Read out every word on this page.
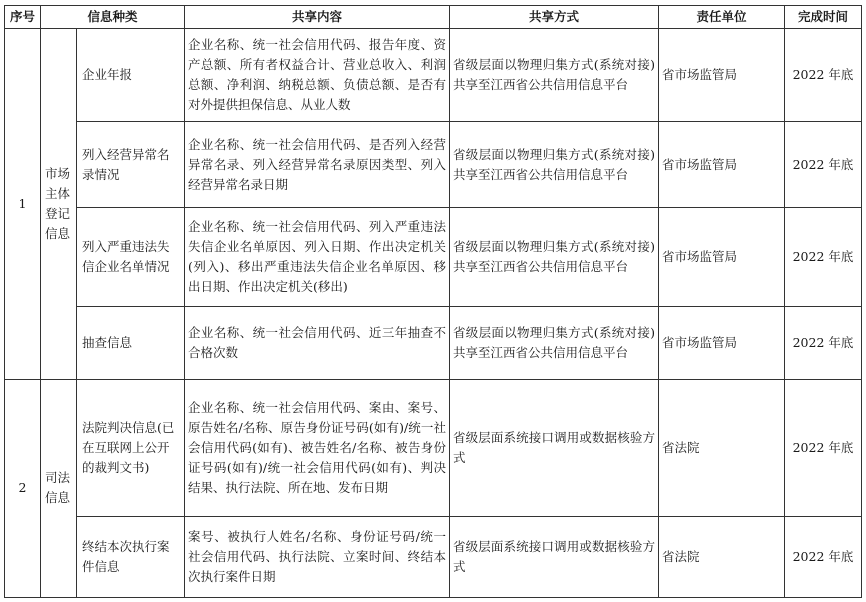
序号	信息种类		共享内容	共享方式	责任单位	完成时间
1	市场主体登记信息	企业年报	企业名称、统一社会信用代码、报告年度、资产总额、所有者权益合计、营业总收入、利润总额、净利润、纳税总额、负债总额、是否有对外提供担保信息、从业人数	省级层面以物理归集方式(系统对接)共享至江西省公共信用信息平台	省市场监管局	2022 年底
		列入经营异常名录情况	企业名称、统一社会信用代码、是否列入经营异常名录、列入经营异常名录原因类型、列入经营异常名录日期	省级层面以物理归集方式(系统对接)共享至江西省公共信用信息平台	省市场监管局	2022 年底
		列入严重违法失信企业名单情况	企业名称、统一社会信用代码、列入严重违法失信企业名单原因、列入日期、作出决定机关(列入)、移出严重违法失信企业名单原因、移出日期、作出决定机关(移出)	省级层面以物理归集方式(系统对接)共享至江西省公共信用信息平台	省市场监管局	2022 年底
		抽查信息	企业名称、统一社会信用代码、近三年抽查不合格次数	省级层面以物理归集方式(系统对接)共享至江西省公共信用信息平台	省市场监管局	2022 年底
2	司法信息	法院判决信息(已在互联网上公开的裁判文书)	企业名称、统一社会信用代码、案由、案号、原告姓名/名称、原告身份证号码(如有)/统一社会信用代码(如有)、被告姓名/名称、被告身份证号码(如有)/统一社会信用代码(如有)、判决结果、执行法院、所在地、发布日期	省级层面系统接口调用或数据核验方式	省法院	2022 年底
		终结本次执行案件信息	案号、被执行人姓名/名称、身份证号码/统一社会信用代码、执行法院、立案时间、终结本次执行案件日期	省级层面系统接口调用或数据核验方式	省法院	2022 年底
